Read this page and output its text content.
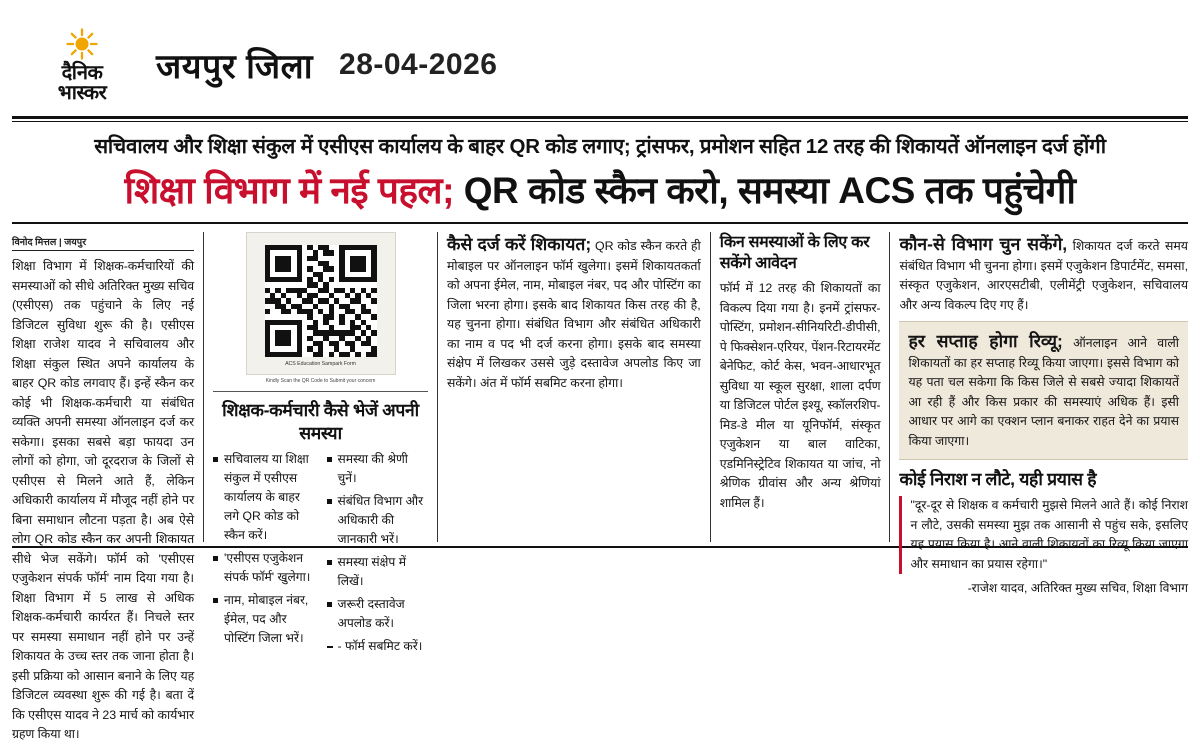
दैनिक
भास्कर
जयपुर जिला 28-04-2026
सचिवालय और शिक्षा संकुल में एसीएस कार्यालय के बाहर QR कोड लगाए; ट्रांसफर, प्रमोशन सहित 12 तरह की शिकायतें ऑनलाइन दर्ज होंगी
शिक्षा विभाग में नई पहल; QR कोड स्कैन करो, समस्या ACS तक पहुंचेगी
विनोद मित्तल | जयपुर

शिक्षा विभाग में शिक्षक-कर्मचारियों की समस्याओं को सीधे अतिरिक्त मुख्य सचिव (एसीएस) तक पहुंचाने के लिए नई डिजिटल सुविधा शुरू की है। एसीएस शिक्षा राजेश यादव ने सचिवालय और शिक्षा संकुल स्थित अपने कार्यालय के बाहर QR कोड लगवाए हैं। इन्हें स्कैन कर कोई भी शिक्षक-कर्मचारी या संबंधित व्यक्ति अपनी समस्या ऑनलाइन दर्ज कर सकेगा। इसका सबसे बड़ा फायदा उन लोगों को होगा, जो दूरदराज के जिलों से एसीएस से मिलने आते हैं, लेकिन अधिकारी कार्यालय में मौजूद नहीं होने पर बिना समाधान लौटना पड़ता है। अब ऐसे लोग QR कोड स्कैन कर अपनी शिकायत सीधे भेज सकेंगे। फॉर्म को 'एसीएस एजुकेशन संपर्क फॉर्म' नाम दिया गया है। शिक्षा विभाग में 5 लाख से अधिक शिक्षक-कर्मचारी कार्यरत हैं। निचले स्तर पर समस्या समाधान नहीं होने पर उन्हें शिकायत के उच्च स्तर तक जाना होता है। इसी प्रक्रिया को आसान बनाने के लिए यह डिजिटल व्यवस्था शुरू की गई है। बता दें कि एसीएस यादव ने 23 मार्च को कार्यभार ग्रहण किया था।

ACS Education Sampark Form
Kindly Scan the QR Code to Submit your concern
शिक्षक-कर्मचारी कैसे भेजें अपनी समस्या
सचिवालय या शिक्षा संकुल में एसीएस कार्यालय के बाहर लगे QR कोड को स्कैन करें।
'एसीएस एजुकेशन संपर्क फॉर्म' खुलेगा।
नाम, मोबाइल नंबर, ईमेल, पद और पोस्टिंग जिला भरें।
समस्या की श्रेणी चुनें।
संबंधित विभाग और अधिकारी की जानकारी भरें।
समस्या संक्षेप में लिखें।
जरूरी दस्तावेज अपलोड करें।
- फॉर्म सबमिट करें।
कैसे दर्ज करें शिकायत; QR कोड स्कैन करते ही मोबाइल पर ऑनलाइन फॉर्म खुलेगा। इसमें शिकायतकर्ता को अपना ईमेल, नाम, मोबाइल नंबर, पद और पोस्टिंग का जिला भरना होगा। इसके बाद शिकायत किस तरह की है, यह चुनना होगा। संबंधित विभाग और संबंधित अधिकारी का नाम व पद भी दर्ज करना होगा। इसके बाद समस्या संक्षेप में लिखकर उससे जुड़े दस्तावेज अपलोड किए जा सकेंगे। अंत में फॉर्म सबमिट करना होगा।
किन समस्याओं के लिए कर सकेंगे आवेदन

फॉर्म में 12 तरह की शिकायतों का विकल्प दिया गया है। इनमें ट्रांसफर-पोस्टिंग, प्रमोशन-सीनियरिटी-डीपीसी, पे फिक्सेशन-एरियर, पेंशन-रिटायरमेंट बेनेफिट, कोर्ट केस, भवन-आधारभूत सुविधा या स्कूल सुरक्षा, शाला दर्पण या डिजिटल पोर्टल इश्यू, स्कॉलरशिप-मिड-डे मील या यूनिफॉर्म, संस्कृत एजुकेशन या बाल वाटिका, एडमिनिस्ट्रेटिव शिकायत या जांच, नो श्रेणिक ग्रीवांस और अन्य श्रेणियां शामिल हैं।

कौन-से विभाग चुन सकेंगे, शिकायत दर्ज करते समय संबंधित विभाग भी चुनना होगा। इसमें एजुकेशन डिपार्टमेंट, समसा, संस्कृत एजुकेशन, आरएसटीबी, एलीमेंट्री एजुकेशन, सचिवालय और अन्य विकल्प दिए गए हैं।
हर सप्ताह होगा रिव्यू; ऑनलाइन आने वाली शिकायतों का हर सप्ताह रिव्यू किया जाएगा। इससे विभाग को यह पता चल सकेगा कि किस जिले से सबसे ज्यादा शिकायतें आ रही हैं और किस प्रकार की समस्याएं अधिक हैं। इसी आधार पर आगे का एक्शन प्लान बनाकर राहत देने का प्रयास किया जाएगा।
कोई निराश न लौटे, यही प्रयास है
"दूर-दूर से शिक्षक व कर्मचारी मुझसे मिलने आते हैं। कोई निराश न लौटे, उसकी समस्या मुझ तक आसानी से पहुंच सके, इसलिए यह प्रयास किया है। आने वाली शिकायतों का रिव्यू किया जाएगा और समाधान का प्रयास रहेगा।"
-राजेश यादव, अतिरिक्त मुख्य सचिव, शिक्षा विभाग
